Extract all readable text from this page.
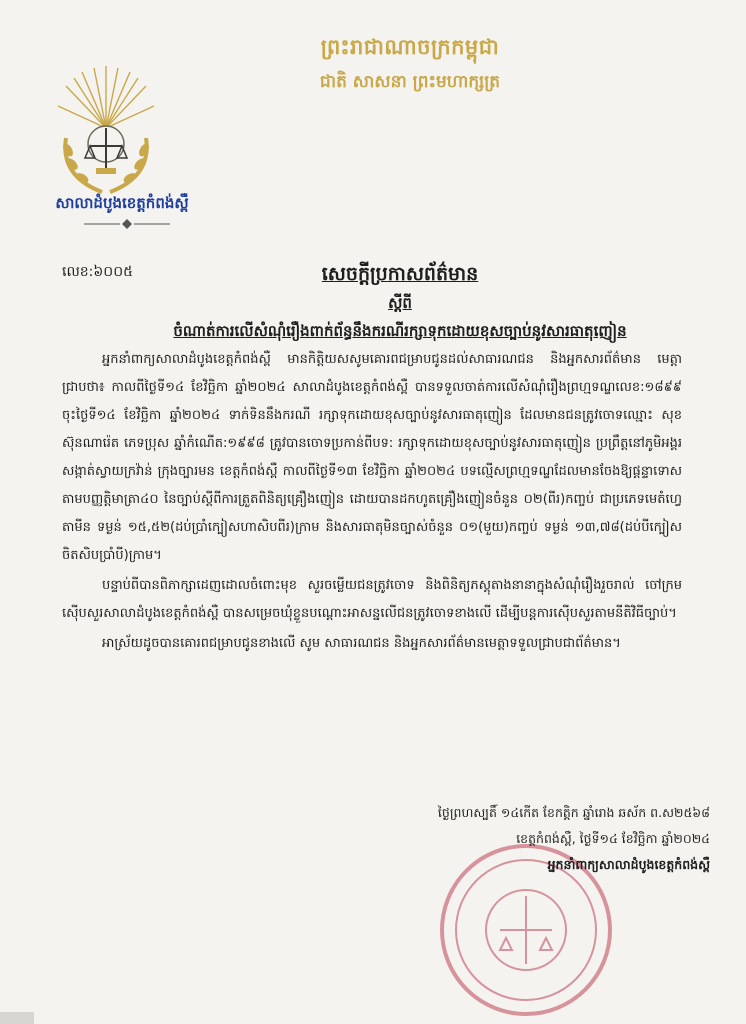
ព្រះរាជាណាចក្រកម្ពុជា
ជាតិ សាសនា ព្រះមហាក្សត្រ
សាលាដំបូងខេត្តកំពង់ស្ពឺ
លេខ:៦០០៥	សេចក្តីប្រកាសព័ត៌មាន
ស្តីពី
ចំណាត់ការលើសំណុំរឿងពាក់ព័ន្ធនឹងករណីរក្សាទុកដោយខុសច្បាប់នូវសារធាតុញៀន

អ្នកនាំពាក្យសាលាដំបូងខេត្តកំពង់ស្ពឺ មានកិត្តិយសសូមគោរពជម្រាបជូនដល់សាធារណជន និងអ្នកសារព័ត៌មាន មេត្តាជ្រាបថា៖ កាលពីថ្ងៃទី១៤ ខែវិច្ឆិកា ឆ្នាំ២០២៤ សាលាដំបូងខេត្តកំពង់ស្ពឺ បានទទួលចាត់ការលើសំណុំរឿងព្រហ្មទណ្ឌលេខ:១៨៩៩ ចុះថ្ងៃទី១៤ ខែវិច្ឆិកា ឆ្នាំ២០២៤ ទាក់ទិននឹងករណី រក្សាទុកដោយខុសច្បាប់នូវសារធាតុញៀន ដែលមានជនត្រូវចោទឈ្មោះ សុខ ស៊ុនណារ៉េត ភេទប្រុស ឆ្នាំកំណើត:១៩៩៨ ត្រូវបានចោទប្រកាន់ពីបទ: រក្សាទុកដោយខុសច្បាប់នូវសារធាតុញៀន ប្រព្រឹត្តនៅភូមិអង្គរ សង្កាត់ស្វាយក្រវ៉ាន់ ក្រុងច្បារមន ខេត្តកំពង់ស្ពឺ កាលពីថ្ងៃទី១៣ ខែវិច្ឆិកា ឆ្នាំ២០២៤ បទល្មើសព្រហ្មទណ្ឌដែលមានចែងឱ្យផ្តន្ទាទោសតាមបញ្ញត្តិមាត្រា៤០ នៃច្បាប់ស្តីពីការត្រួតពិនិត្យគ្រឿងញៀន ដោយបានដកហូតគ្រឿងញៀនចំនួន ០២(ពីរ)កញ្ចប់ ជាប្រភេទមេតំហ្វេតាមីន ទម្ងន់ ១៥,៥២(ដប់ប្រាំក្បៀសហាសិបពីរ)ក្រាម និងសារធាតុមិនច្បាស់ចំនួន ០១(មួយ)កញ្ចប់ ទម្ងន់ ១៣,៧៨(ដប់បីក្បៀសចិតសិបប្រាំបី)ក្រាម។

បន្ទាប់ពីបានពិភាក្សាដេញដោលចំពោះមុខ សួរចម្លើយជនត្រូវចោទ និងពិនិត្យភស្តុតាងនានាក្នុងសំណុំរឿងរួចរាល់ ចៅក្រមស៊ើបសួរសាលាដំបូងខេត្តកំពង់ស្ពឺ បានសម្រេចឃុំខ្លួនបណ្តោះអាសន្នលើជនត្រូវចោទខាងលើ ដើម្បីបន្តការស៊ើបសួរតាមនីតិវិធីច្បាប់។

អាស្រ័យដូចបានគោរពជម្រាបជូនខាងលើ សូម សាធារណជន និងអ្នកសារព័ត៌មានមេត្តាទទួលជ្រាបជាព័ត៌មាន។

ថ្ងៃព្រហស្បតិ៍ ១៤កើត ខែកត្តិក ឆ្នាំរោង ឆស័ក ព.ស២៥៦៨
ខេត្តកំពង់ស្ពឺ, ថ្ងៃទី១៤ ខែវិច្ឆិកា ឆ្នាំ២០២៤
អ្នកនាំពាក្យសាលាដំបូងខេត្តកំពង់ស្ពឺ
